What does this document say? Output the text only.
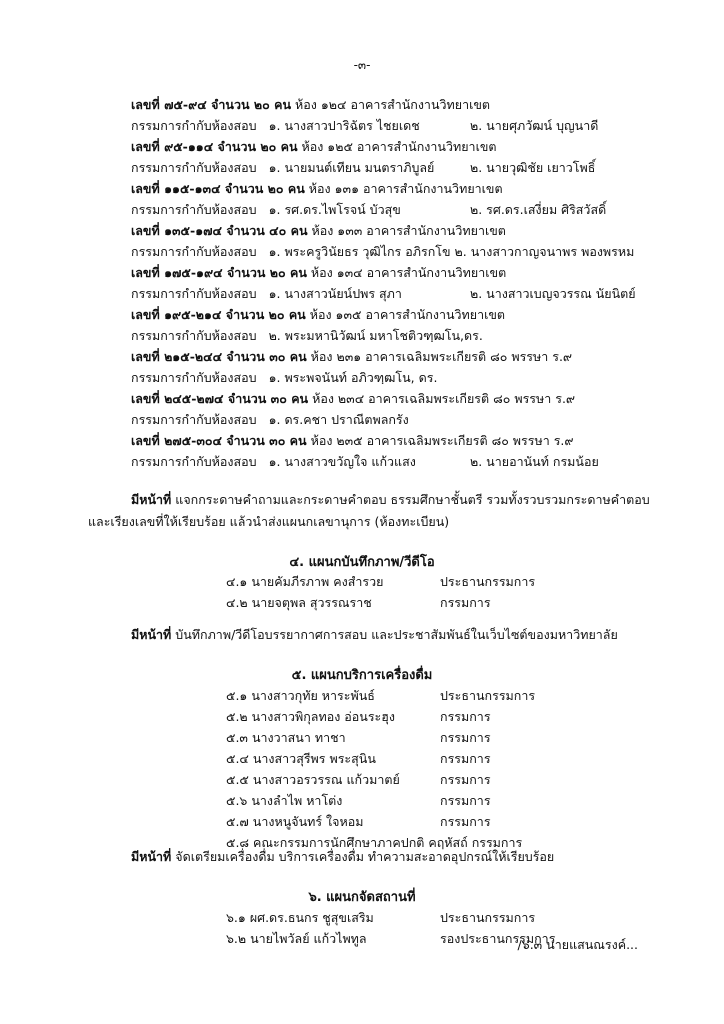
-๓-
เลขที่ ๗๕-๙๔ จำนวน ๒๐ คน ห้อง ๑๒๔ อาคารสำนักงานวิทยาเขต
กรรมการกำกับห้องสอบ ๑. นางสาวปาริฉัตร ไชยเดช	๒. นายศุภวัฒน์ บุญนาดี
เลขที่ ๙๕-๑๑๔ จำนวน ๒๐ คน ห้อง ๑๒๕ อาคารสำนักงานวิทยาเขต
กรรมการกำกับห้องสอบ ๑. นายมนต์เทียน มนตราภิบูลย์	๒. นายวุฒิชัย เยาวโพธิ์
เลขที่ ๑๑๕-๑๓๔ จำนวน ๒๐ คน ห้อง ๑๓๑ อาคารสำนักงานวิทยาเขต
กรรมการกำกับห้องสอบ ๑. รศ.ดร.ไพโรจน์ บัวสุข	๒. รศ.ดร.เสงี่ยม ศิริสวัสดิ์
เลขที่ ๑๓๕-๑๗๔ จำนวน ๔๐ คน ห้อง ๑๓๓ อาคารสำนักงานวิทยาเขต
กรรมการกำกับห้องสอบ ๑. พระครูวินัยธร วุฒิไกร อภิรกโข ๒. นางสาวกาญจนาพร พองพรหม
เลขที่ ๑๗๕-๑๙๔ จำนวน ๒๐ คน ห้อง ๑๓๔ อาคารสำนักงานวิทยาเขต
กรรมการกำกับห้องสอบ ๑. นางสาวนัยน์ปพร สุภา	๒. นางสาวเบญจวรรณ นัยนิตย์
เลขที่ ๑๙๕-๒๑๔ จำนวน ๒๐ คน ห้อง ๑๓๕ อาคารสำนักงานวิทยาเขต
กรรมการกำกับห้องสอบ ๒. พระมหานิวัฒน์ มหาโชติวฑฺฒโน,ดร.
เลขที่ ๒๑๕-๒๔๔ จำนวน ๓๐ คน ห้อง ๒๓๑ อาคารเฉลิมพระเกียรติ ๘๐ พรรษา ร.๙
กรรมการกำกับห้องสอบ ๑. พระพจนันท์ อภิวฑฺฒโน, ดร.
เลขที่ ๒๔๕-๒๗๔ จำนวน ๓๐ คน ห้อง ๒๓๔ อาคารเฉลิมพระเกียรติ ๘๐ พรรษา ร.๙
กรรมการกำกับห้องสอบ ๑. ดร.คชา ปราณีตพลกรัง
เลขที่ ๒๗๕-๓๐๔ จำนวน ๓๐ คน ห้อง ๒๓๕ อาคารเฉลิมพระเกียรติ ๘๐ พรรษา ร.๙
กรรมการกำกับห้องสอบ ๑. นางสาวขวัญใจ แก้วแสง	๒. นายอานันท์ กรมน้อย
มีหน้าที่ แจกกระดาษคำถามและกระดาษคำตอบ ธรรมศึกษาชั้นตรี รวมทั้งรวบรวมกระดาษคำตอบ
และเรียงเลขที่ให้เรียบร้อย แล้วนำส่งแผนกเลขานุการ (ห้องทะเบียน)
๔. แผนกบันทึกภาพ/วีดีโอ
๔.๑ นายคัมภีรภาพ คงสำรวย	ประธานกรรมการ
๔.๒ นายจตุพล สุวรรณราช	กรรมการ
มีหน้าที่ บันทึกภาพ/วีดีโอบรรยากาศการสอบ และประชาสัมพันธ์ในเว็บไซต์ของมหาวิทยาลัย
๕. แผนกบริการเครื่องดื่ม
๕.๑ นางสาวกุทัย หาระพันธ์	ประธานกรรมการ
๕.๒ นางสาวพิกุลทอง อ่อนระฮุง	กรรมการ
๕.๓ นางวาสนา ทาชา	กรรมการ
๕.๔ นางสาวสุรีพร พระสุนิน	กรรมการ
๕.๕ นางสาวอรวรรณ แก้วมาตย์	กรรมการ
๕.๖ นางลำไพ หาโต่ง	กรรมการ
๕.๗ นางหนูจันทร์ ใจหอม	กรรมการ
๕.๘ คณะกรรมการนักศึกษาภาคปกติ คฤหัสถ์ กรรมการ
มีหน้าที่ จัดเตรียมเครื่องดื่ม บริการเครื่องดื่ม ทำความสะอาดอุปกรณ์ให้เรียบร้อย
๖. แผนกจัดสถานที่
๖.๑ ผศ.ดร.ธนกร ชูสุขเสริม	ประธานกรรมการ
๖.๒ นายไพวัลย์ แก้วไพทูล	รองประธานกรรมการ
/๖.๓ นายแสนณรงค์...
